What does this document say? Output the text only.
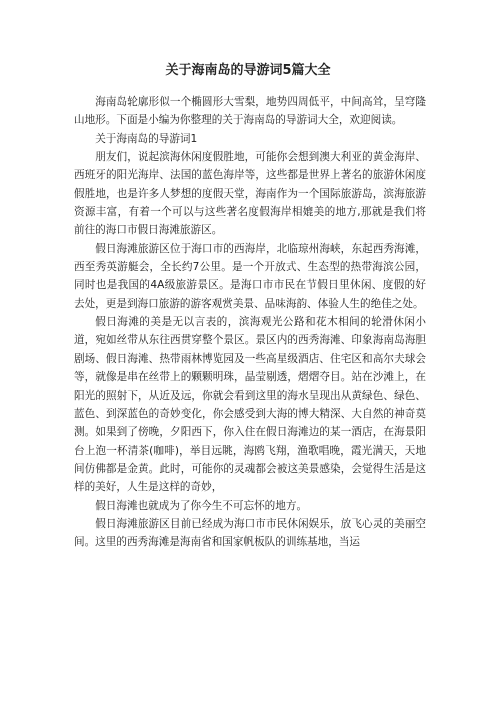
关于海南岛的导游词5篇大全

海南岛轮廓形似一个椭圆形大雪梨，地势四周低平，中间高耸，呈穹隆山地形。下面是小编为你整理的关于海南岛的导游词大全，欢迎阅读。

关于海南岛的导游词1

朋友们，说起滨海休闲度假胜地，可能你会想到澳大利亚的黄金海岸、西班牙的阳光海岸、法国的蓝色海岸等，这些都是世界上著名的旅游休闲度假胜地，也是许多人梦想的度假天堂，海南作为一个国际旅游岛，滨海旅游资源丰富，有着一个可以与这些著名度假海岸相媲美的地方,那就是我们将前往的海口市假日海滩旅游区。

假日海滩旅游区位于海口市的西海岸，北临琼州海峡，东起西秀海滩，西至秀英游艇会，全长约7公里。是一个开放式、生态型的热带海滨公园，同时也是我国的4A级旅游景区。是海口市市民在节假日里休闲、度假的好去处，更是到海口旅游的游客观赏美景、品味海韵、体验人生的绝佳之处。

假日海滩的美是无以言表的，滨海观光公路和花木相间的轮滑休闲小道，宛如丝带从东往西贯穿整个景区。景区内的西秀海滩、印象海南岛海胆剧场、假日海滩、热带雨林博览园及一些高星级酒店、住宅区和高尔夫球会等，就像是串在丝带上的颗颗明珠，晶莹剔透，熠熠夺目。站在沙滩上，在阳光的照射下，从近及远，你就会看到这里的海水呈现出从黄绿色、绿色、蓝色、到深蓝色的奇妙变化，你会感受到大海的博大精深、大自然的神奇莫测。如果到了傍晚，夕阳西下，你入住在假日海滩边的某一酒店，在海景阳台上泡一杯清茶(咖啡)，举目远眺，海鸥飞翔，渔歌唱晚，霞光满天，天地间仿佛都是金黄。此时，可能你的灵魂都会被这美景感染，会觉得生活是这样的美好，人生是这样的奇妙，

假日海滩也就成为了你今生不可忘怀的地方。

假日海滩旅游区目前已经成为海口市市民休闲娱乐，放飞心灵的美丽空间。这里的西秀海滩是海南省和国家帆板队的训练基地，当运
